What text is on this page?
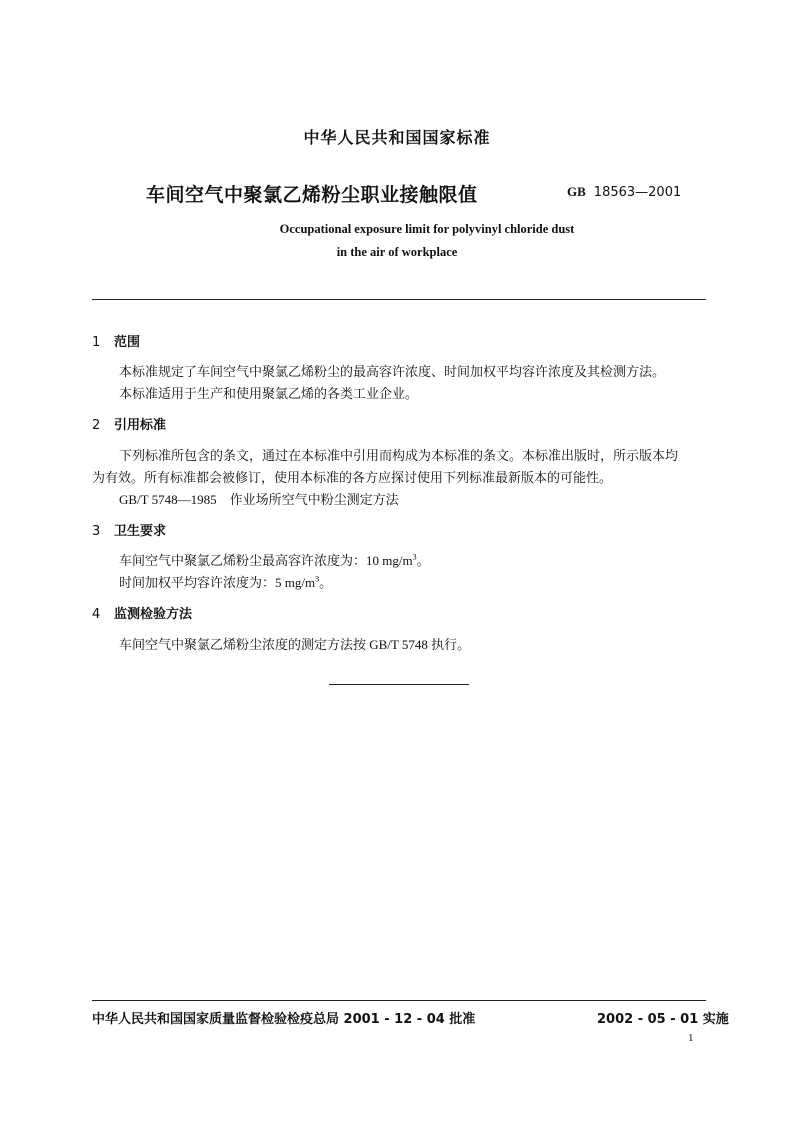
中华人民共和国国家标准
车间空气中聚氯乙烯粉尘职业接触限值	GB 18563—2001
Occupational exposure limit for polyvinyl chloride dust
in the air of workplace
1 范围
本标准规定了车间空气中聚氯乙烯粉尘的最高容许浓度、时间加权平均容许浓度及其检测方法。
本标准适用于生产和使用聚氯乙烯的各类工业企业。
2 引用标准
下列标准所包含的条文，通过在本标准中引用而构成为本标准的条文。本标准出版时，所示版本均
为有效。所有标准都会被修订，使用本标准的各方应探讨使用下列标准最新版本的可能性。
GB/T 5748—1985    作业场所空气中粉尘测定方法
3 卫生要求
车间空气中聚氯乙烯粉尘最高容许浓度为：10 $mg/m^3$。
时间加权平均容许浓度为：5 $mg/m^3$。
4 监测检验方法
车间空气中聚氯乙烯粉尘浓度的测定方法按 GB/T 5748 执行。
中华人民共和国国家质量监督检验检疫总局 2001 - 12 - 04 批准	2002 - 05 - 01 实施
1
